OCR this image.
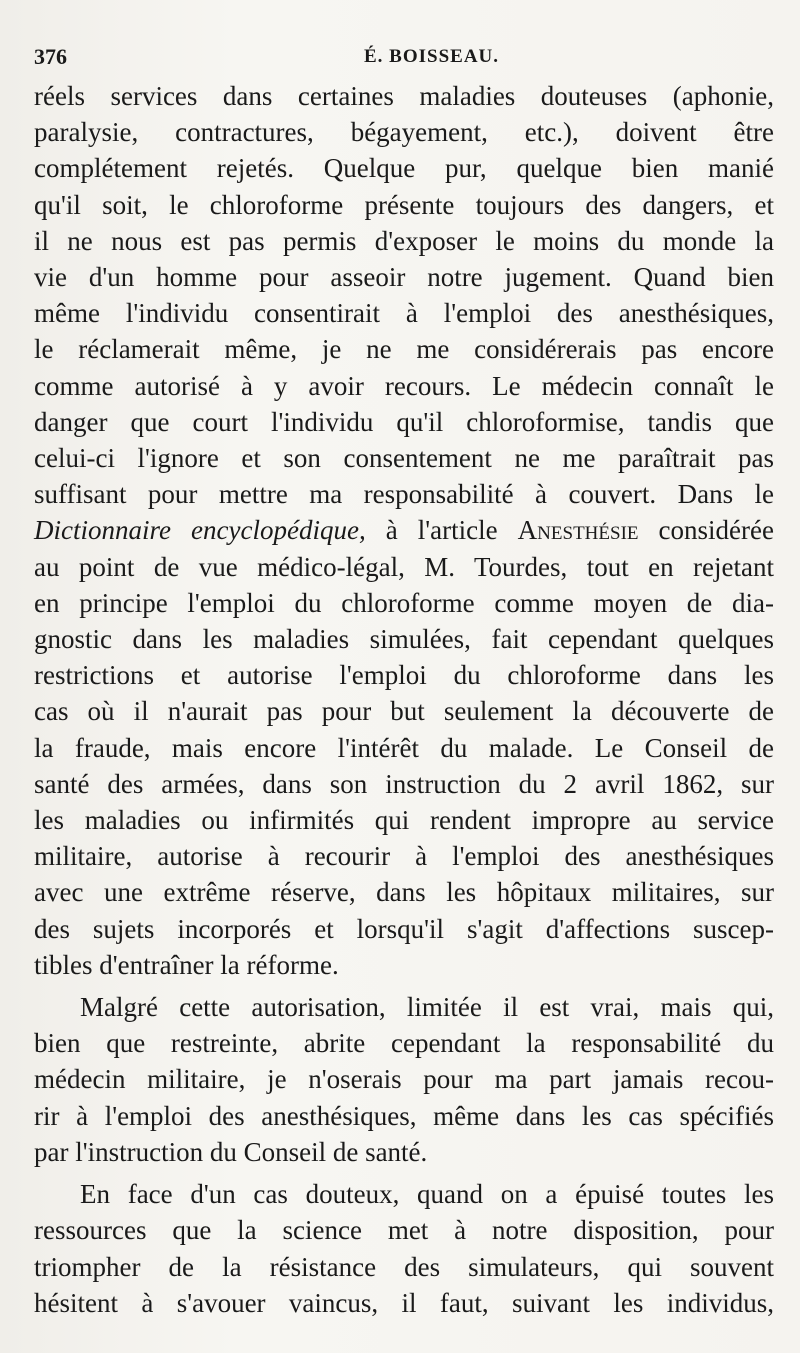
376	É. BOISSEAU.
réels services dans certaines maladies douteuses (aphonie,
paralysie, contractures, bégayement, etc.), doivent être
complétement rejetés. Quelque pur, quelque bien manié
qu'il soit, le chloroforme présente toujours des dangers, et
il ne nous est pas permis d'exposer le moins du monde la
vie d'un homme pour asseoir notre jugement. Quand bien
même l'individu consentirait à l'emploi des anesthésiques,
le réclamerait même, je ne me considérerais pas encore
comme autorisé à y avoir recours. Le médecin connaît le
danger que court l'individu qu'il chloroformise, tandis que
celui-ci l'ignore et son consentement ne me paraîtrait pas
suffisant pour mettre ma responsabilité à couvert. Dans le
Dictionnaire encyclopédique, à l'article Anesthésie considérée
au point de vue médico-légal, M. Tourdes, tout en rejetant
en principe l'emploi du chloroforme comme moyen de dia-
gnostic dans les maladies simulées, fait cependant quelques
restrictions et autorise l'emploi du chloroforme dans les
cas où il n'aurait pas pour but seulement la découverte de
la fraude, mais encore l'intérêt du malade. Le Conseil de
santé des armées, dans son instruction du 2 avril 1862, sur
les maladies ou infirmités qui rendent impropre au service
militaire, autorise à recourir à l'emploi des anesthésiques
avec une extrême réserve, dans les hôpitaux militaires, sur
des sujets incorporés et lorsqu'il s'agit d'affections suscep-
tibles d'entraîner la réforme.
Malgré cette autorisation, limitée il est vrai, mais qui,
bien que restreinte, abrite cependant la responsabilité du
médecin militaire, je n'oserais pour ma part jamais recou-
rir à l'emploi des anesthésiques, même dans les cas spécifiés
par l'instruction du Conseil de santé.
En face d'un cas douteux, quand on a épuisé toutes les
ressources que la science met à notre disposition, pour
triompher de la résistance des simulateurs, qui souvent
hésitent à s'avouer vaincus, il faut, suivant les individus,
